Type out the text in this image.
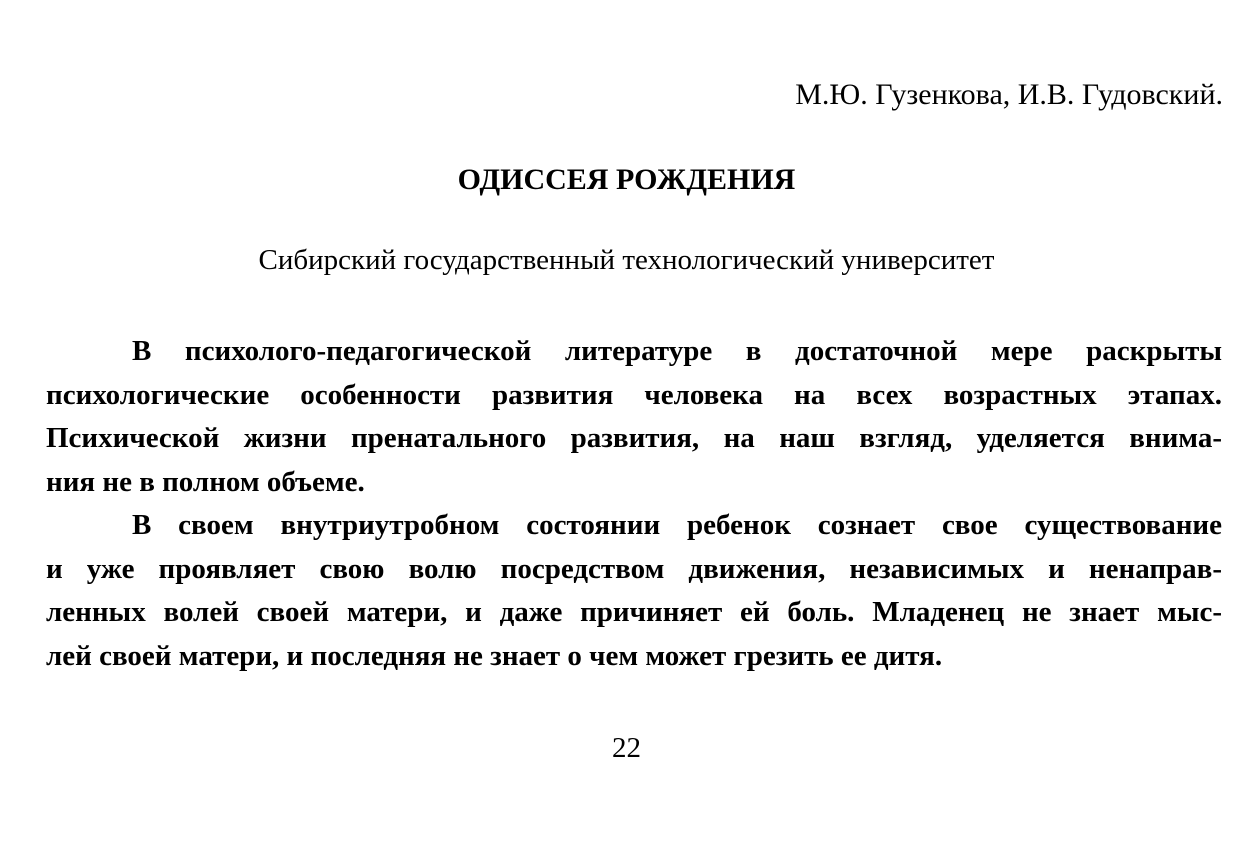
М.Ю. Гузенкова, И.В. Гудовский.
ОДИССЕЯ РОЖДЕНИЯ
Сибирский государственный технологический университет
В психолого-педагогической литературе в достаточной мере раскрыты
психологические особенности развития человека на всех возрастных этапах.
Психической жизни пренатального развития, на наш взгляд, уделяется внима-
ния не в полном объеме.
В своем внутриутробном состоянии ребенок сознает свое существование
и уже проявляет свою волю посредством движения, независимых и ненаправ-
ленных волей своей матери, и даже причиняет ей боль. Младенец не знает мыс-
лей своей матери, и последняя не знает о чем может грезить ее дитя.
22
